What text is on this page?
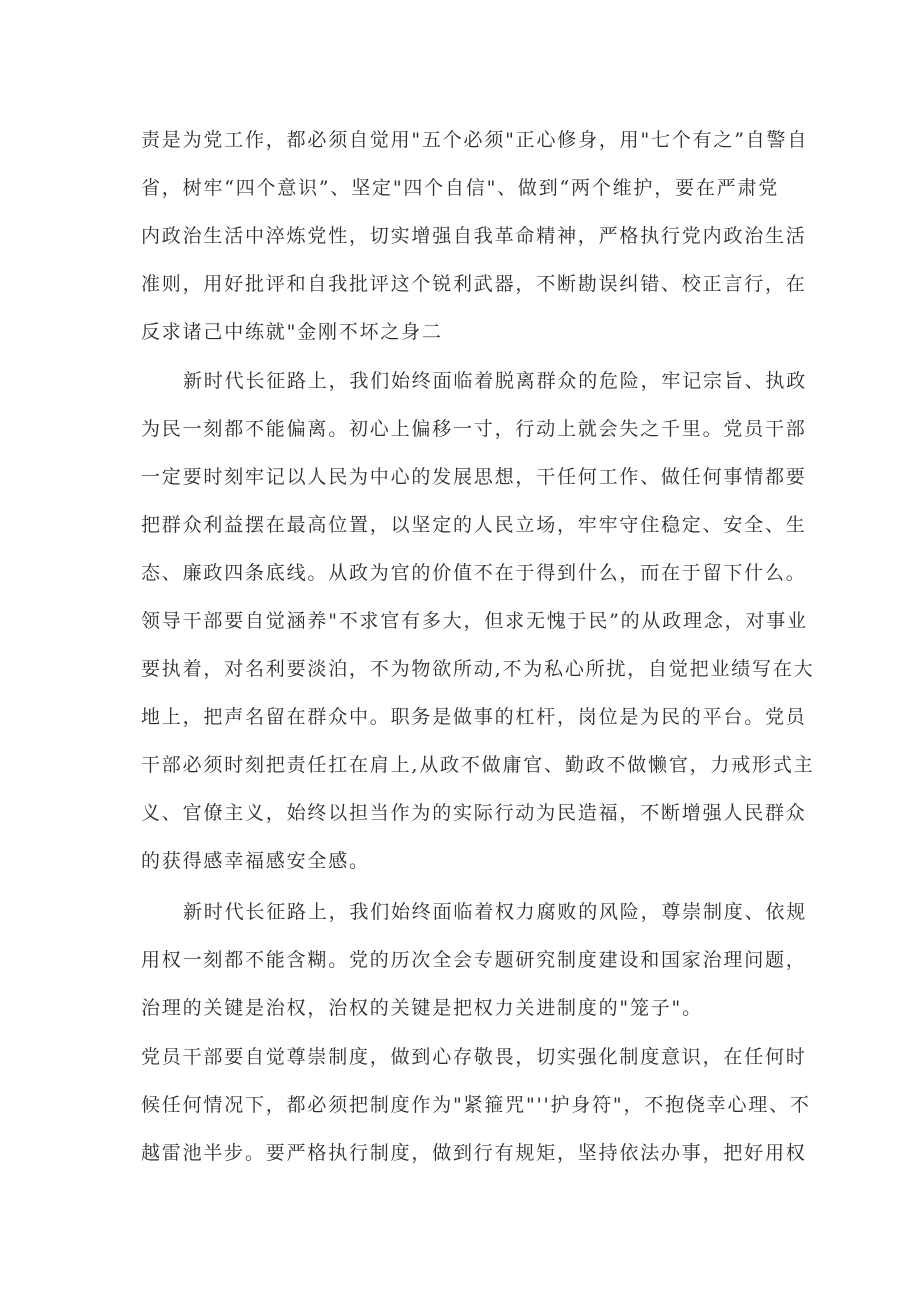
责是为党工作，都必须自觉用"五个必须"正心修身，用"七个有之”自警自
省，树牢“四个意识”、坚定"四个自信"、做到“两个维护，要在严肃党
内政治生活中淬炼党性，切实增强自我革命精神，严格执行党内政治生活
准则，用好批评和自我批评这个锐利武器，不断勘误纠错、校正言行，在
反求诸己中练就"金刚不坏之身二
新时代长征路上，我们始终面临着脱离群众的危险，牢记宗旨、执政
为民一刻都不能偏离。初心上偏移一寸，行动上就会失之千里。党员干部
一定要时刻牢记以人民为中心的发展思想，干任何工作、做任何事情都要
把群众利益摆在最高位置，以坚定的人民立场，牢牢守住稳定、安全、生
态、廉政四条底线。从政为官的价值不在于得到什么，而在于留下什么。
领导干部要自觉涵养"不求官有多大，但求无愧于民”的从政理念，对事业
要执着，对名利要淡泊，不为物欲所动,不为私心所扰，自觉把业绩写在大
地上，把声名留在群众中。职务是做事的杠杆，岗位是为民的平台。党员
干部必须时刻把责任扛在肩上,从政不做庸官、勤政不做懒官，力戒形式主
义、官僚主义，始终以担当作为的实际行动为民造福，不断增强人民群众
的获得感幸福感安全感。
新时代长征路上，我们始终面临着权力腐败的风险，尊崇制度、依规
用权一刻都不能含糊。党的历次全会专题研究制度建设和国家治理问题，
治理的关键是治权，治权的关键是把权力关进制度的"笼子"。
党员干部要自觉尊崇制度，做到心存敬畏，切实强化制度意识，在任何时
候任何情况下，都必须把制度作为"紧箍咒"''护身符"，不抱侥幸心理、不
越雷池半步。要严格执行制度，做到行有规矩，坚持依法办事，把好用权
